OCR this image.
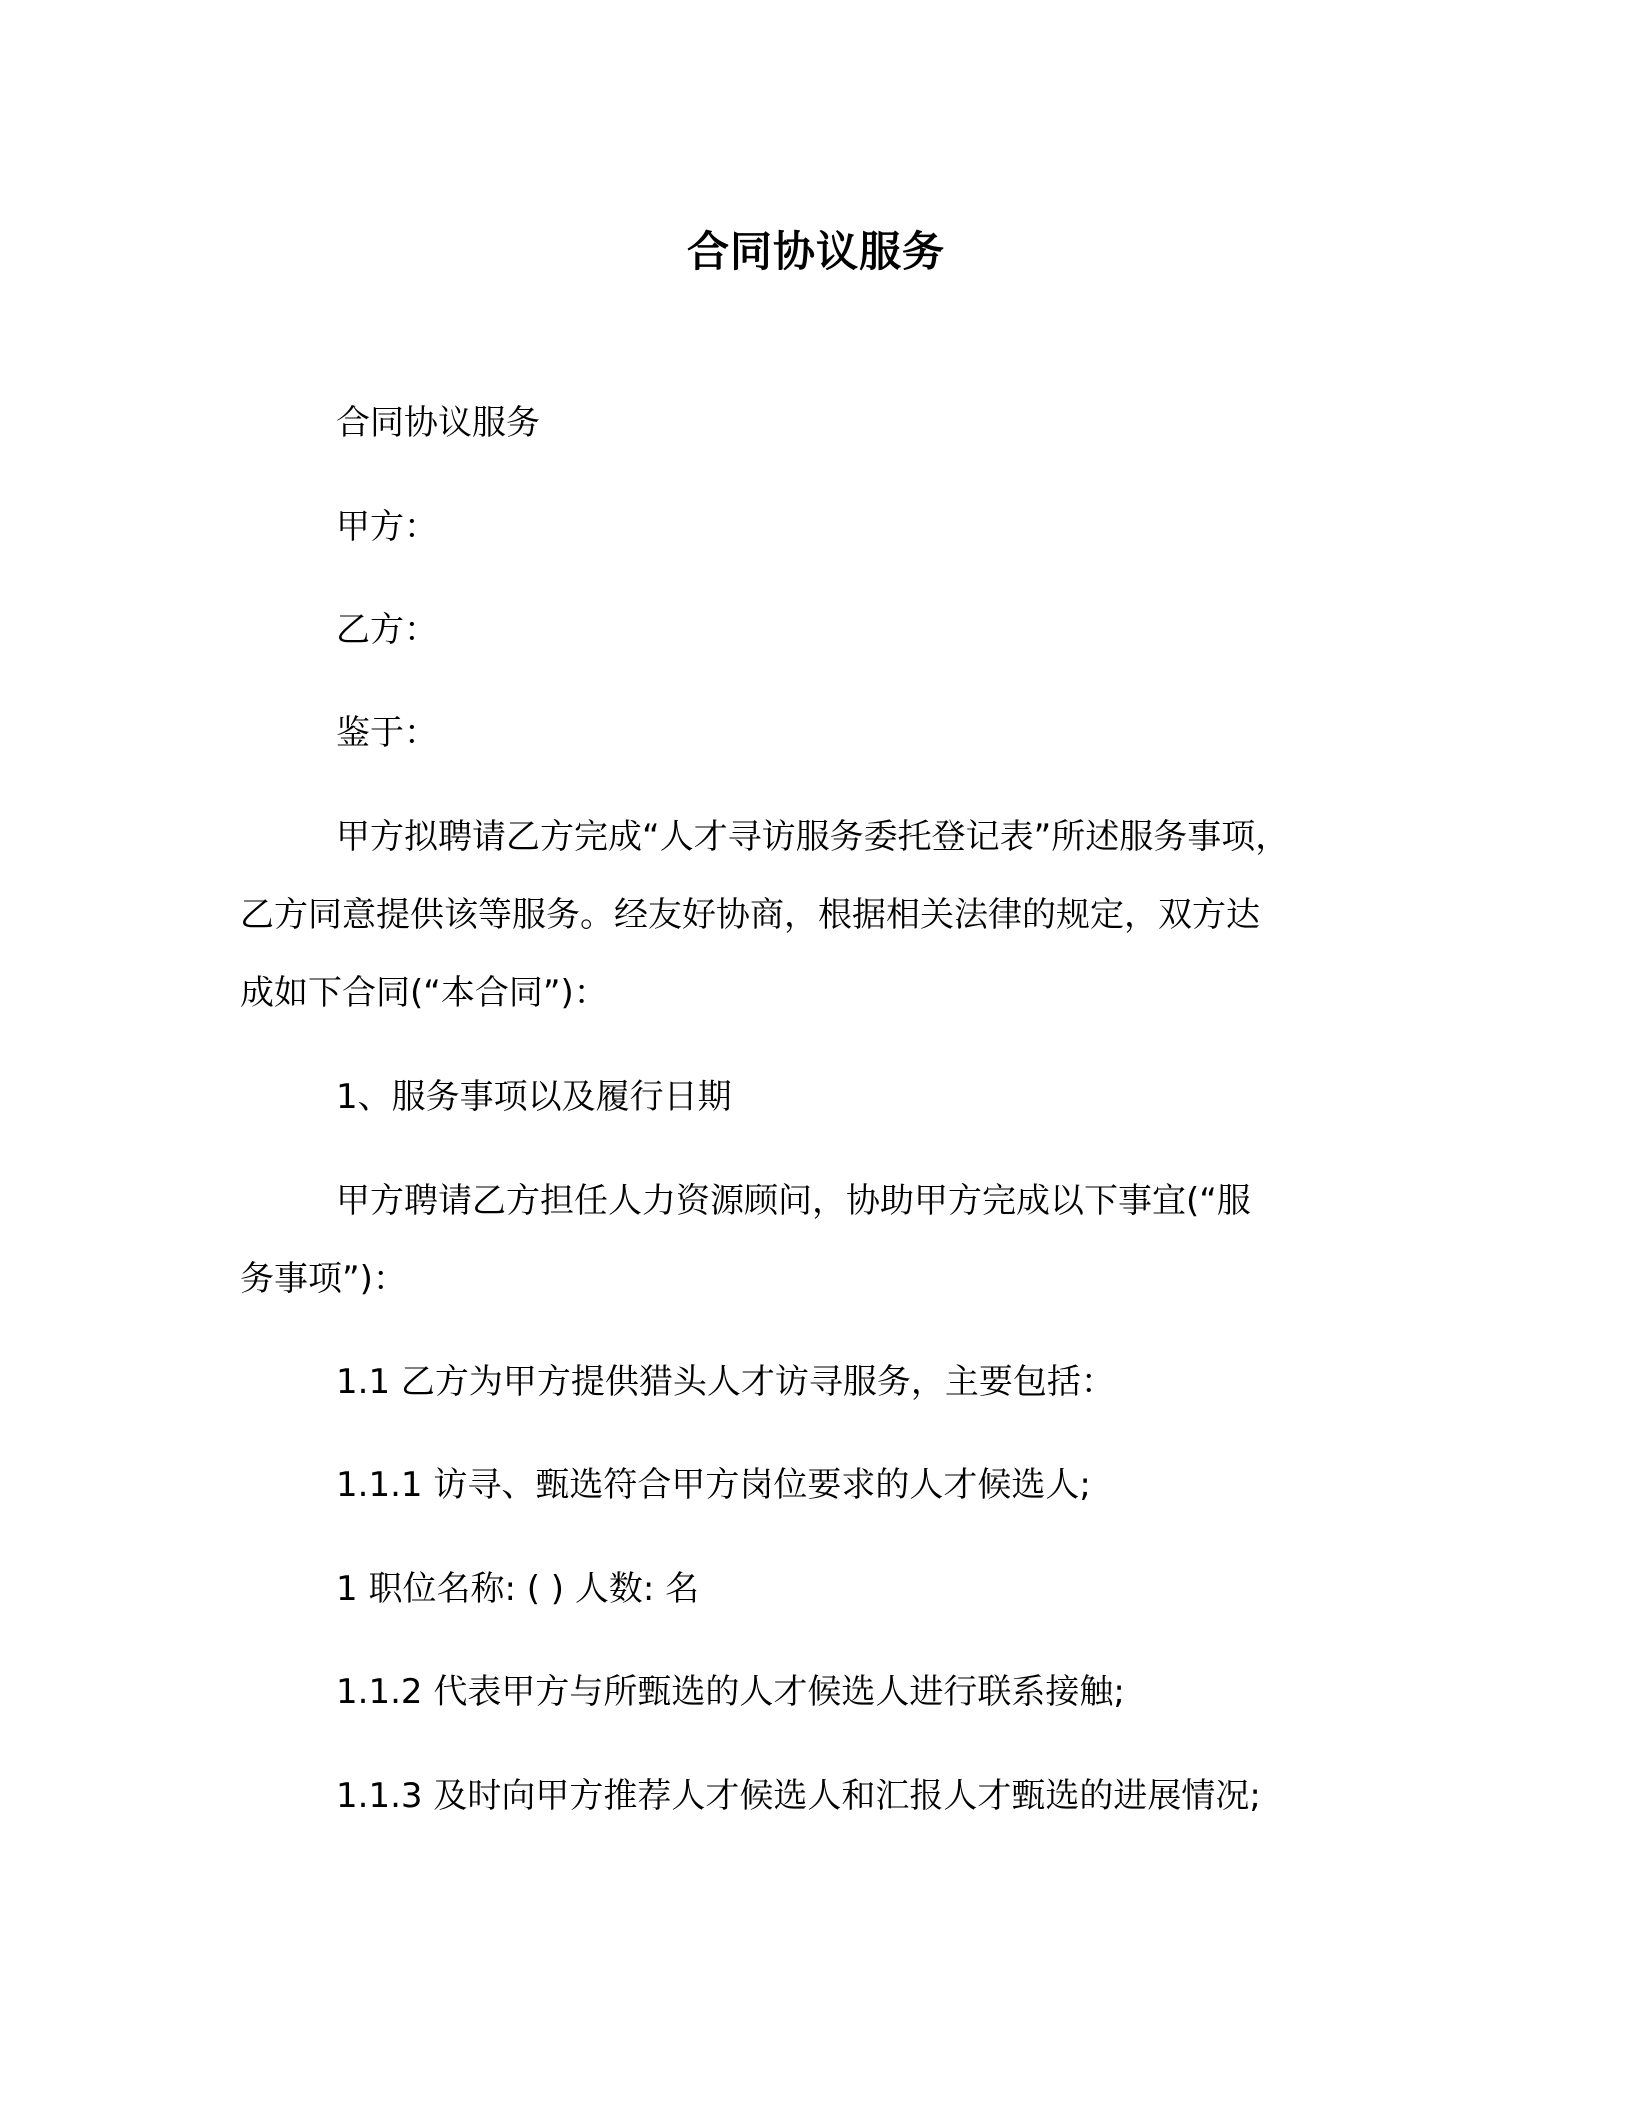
合同协议服务
合同协议服务
甲方：
乙方：
鉴于：
甲方拟聘请乙方完成“人才寻访服务委托登记表”所述服务事项，
乙方同意提供该等服务。经友好协商，根据相关法律的规定，双方达
成如下合同(“本合同”)：
1、服务事项以及履行日期
甲方聘请乙方担任人力资源顾问，协助甲方完成以下事宜(“服
务事项”)：
1.1 乙方为甲方提供猎头人才访寻服务，主要包括：
1.1.1 访寻、甄选符合甲方岗位要求的人才候选人;
1 职位名称: ( ) 人数: 名
1.1.2 代表甲方与所甄选的人才候选人进行联系接触;
1.1.3 及时向甲方推荐人才候选人和汇报人才甄选的进展情况;
